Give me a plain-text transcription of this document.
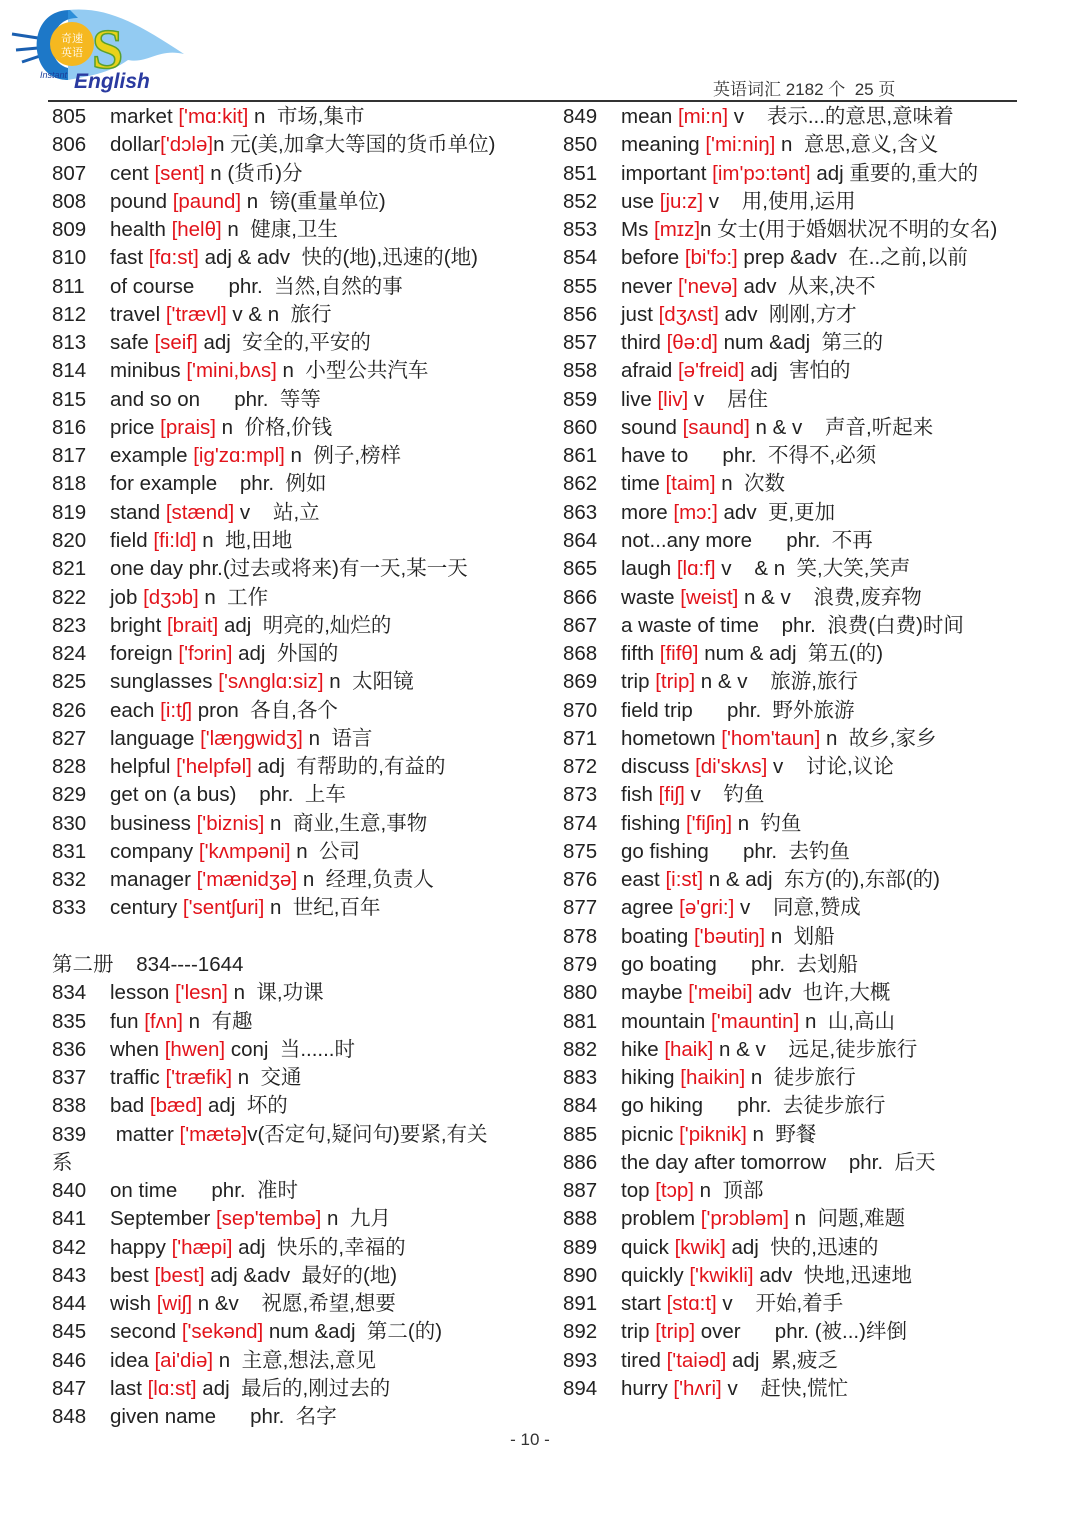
奇速
英语 S
Instant English	英语词汇 2182 个  25 页
805 market ['mɑ:kit] n  市场,集市
806 dollar['dɔlə]n 元(美,加拿大等国的货币单位)
807 cent [sent] n (货币)分
808 pound [paund] n  镑(重量单位)
809 health [helθ] n  健康,卫生
810 fast [fɑ:st] adj & adv  快的(地),迅速的(地)
811 of course      phr.  当然,自然的事
812 travel ['trævl] v & n  旅行
813 safe [seif] adj  安全的,平安的
814 minibus ['mini,bʌs] n  小型公共汽车
815 and so on      phr.  等等
816 price [prais] n  价格,价钱
817 example [ig'zɑ:mpl] n  例子,榜样
818 for example    phr.  例如
819 stand [stænd] v    站,立
820 field [fi:ld] n  地,田地
821 one day phr.(过去或将来)有一天,某一天
822 job [dʒɔb] n  工作
823 bright [brait] adj  明亮的,灿烂的
824 foreign ['fɔrin] adj  外国的
825 sunglasses ['sʌnglɑ:siz] n  太阳镜
826 each [i:tʃ] pron  各自,各个
827 language ['læŋgwidʒ] n  语言
828 helpful ['helpfəl] adj  有帮助的,有益的
829 get on (a bus)    phr.  上车
830 business ['biznis] n  商业,生意,事物
831 company ['kʌmpəni] n  公司
832 manager ['mænidʒə] n  经理,负责人
833 century ['sentʃuri] n  世纪,百年
第二册    834----1644
834 lesson ['lesn] n  课,功课
835 fun [fʌn] n  有趣
836 when [hwen] conj  当......时
837 traffic ['træfik] n  交通
838 bad [bæd] adj  坏的
839 matter ['mætə]v(否定句,疑问句)要紧,有关
系
840 on time      phr.  准时
841 September [sep'tembə] n  九月
842 happy ['hæpi] adj  快乐的,幸福的
843 best [best] adj &adv  最好的(地)
844 wish [wiʃ] n &v    祝愿,希望,想要
845 second ['sekənd] num &adj  第二(的)
846 idea [ai'diə] n  主意,想法,意见
847 last [lɑ:st] adj  最后的,刚过去的
848 given name      phr.  名字
849 mean [mi:n] v    表示...的意思,意味着
850 meaning ['mi:niŋ] n  意思,意义,含义
851 important [im'pɔ:tənt] adj 重要的,重大的
852 use [ju:z] v    用,使用,运用
853 Ms [mɪz]n 女士(用于婚姻状况不明的女名)
854 before [bi'fɔ:] prep &adv  在..之前,以前
855 never ['nevə] adv  从来,决不
856 just [dʒʌst] adv  刚刚,方才
857 third [θə:d] num &adj  第三的
858 afraid [ə'freid] adj  害怕的
859 live [liv] v    居住
860 sound [saund] n & v    声音,听起来
861 have to      phr.  不得不,必须
862 time [taim] n  次数
863 more [mɔ:] adv  更,更加
864 not...any more      phr.  不再
865 laugh [lɑ:f] v    & n  笑,大笑,笑声
866 waste [weist] n & v    浪费,废弃物
867 a waste of time    phr.  浪费(白费)时间
868 fifth [fifθ] num & adj  第五(的)
869 trip [trip] n & v    旅游,旅行
870 field trip      phr.  野外旅游
871 hometown ['hom'taun] n  故乡,家乡
872 discuss [di'skʌs] v    讨论,议论
873 fish [fiʃ] v    钓鱼
874 fishing ['fiʃiŋ] n  钓鱼
875 go fishing      phr.  去钓鱼
876 east [i:st] n & adj  东方(的),东部(的)
877 agree [ə'gri:] v    同意,赞成
878 boating ['bəutiŋ] n  划船
879 go boating      phr.  去划船
880 maybe ['meibi] adv  也许,大概
881 mountain ['mauntin] n  山,高山
882 hike [haik] n & v    远足,徒步旅行
883 hiking [haikin] n  徒步旅行
884 go hiking      phr.  去徒步旅行
885 picnic ['piknik] n  野餐
886 the day after tomorrow    phr.  后天
887 top [tɔp] n  顶部
888 problem ['prɔbləm] n  问题,难题
889 quick [kwik] adj  快的,迅速的
890 quickly ['kwikli] adv  快地,迅速地
891 start [stɑ:t] v    开始,着手
892 trip [trip] over      phr. (被...)绊倒
893 tired ['taiəd] adj  累,疲乏
894 hurry ['hʌri] v    赶快,慌忙
- 10 -
